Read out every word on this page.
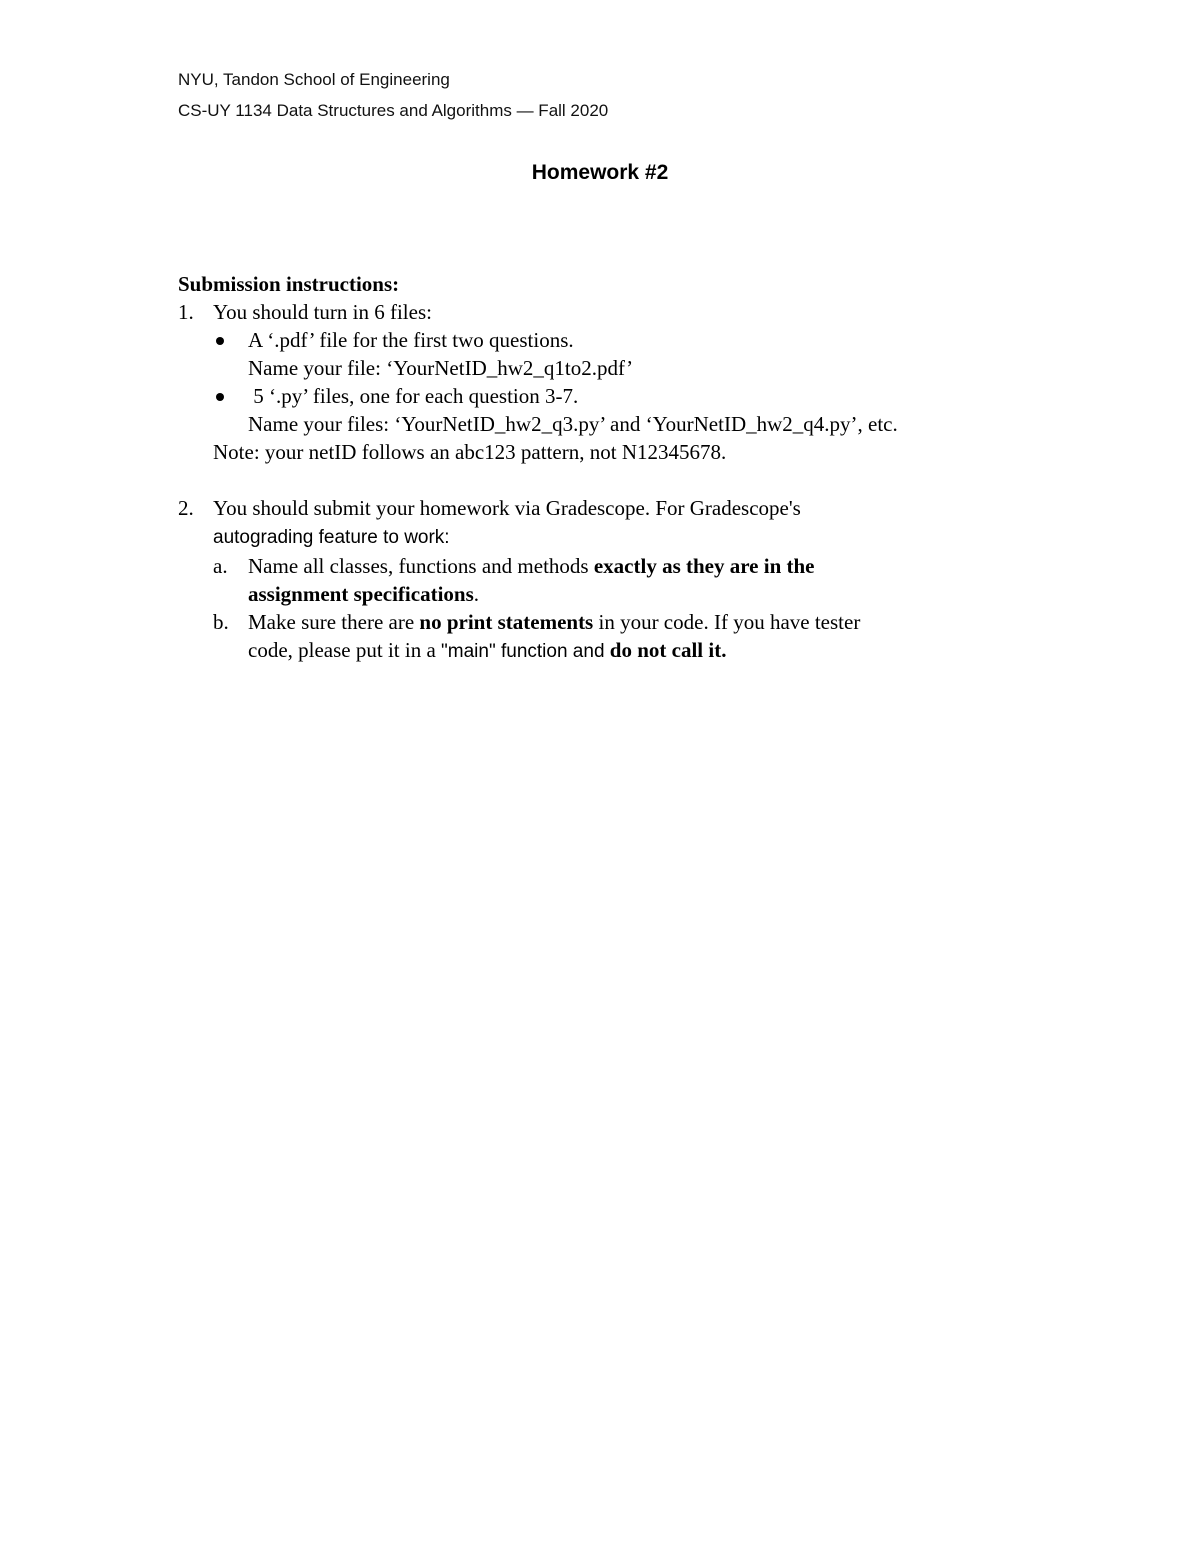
NYU, Tandon School of Engineering
CS-UY 1134 Data Structures and Algorithms — Fall 2020
Homework #2

Submission instructions:

1. You should turn in 6 files:
A ‘.pdf’ file for the first two questions.
Name your file: ‘YourNetID_hw2_q1to2.pdf’
5 ‘.py’ files, one for each question 3-7.
Name your files: ‘YourNetID_hw2_q3.py’ and ‘YourNetID_hw2_q4.py’, etc.
Note: your netID follows an abc123 pattern, not N12345678.
2. You should submit your homework via Gradescope. For Gradescope's
autograding feature to work:
a. Name all classes, functions and methods exactly as they are in the
assignment specifications.
b. Make sure there are no print statements in your code. If you have tester
code, please put it in a "main" function and do not call it.
